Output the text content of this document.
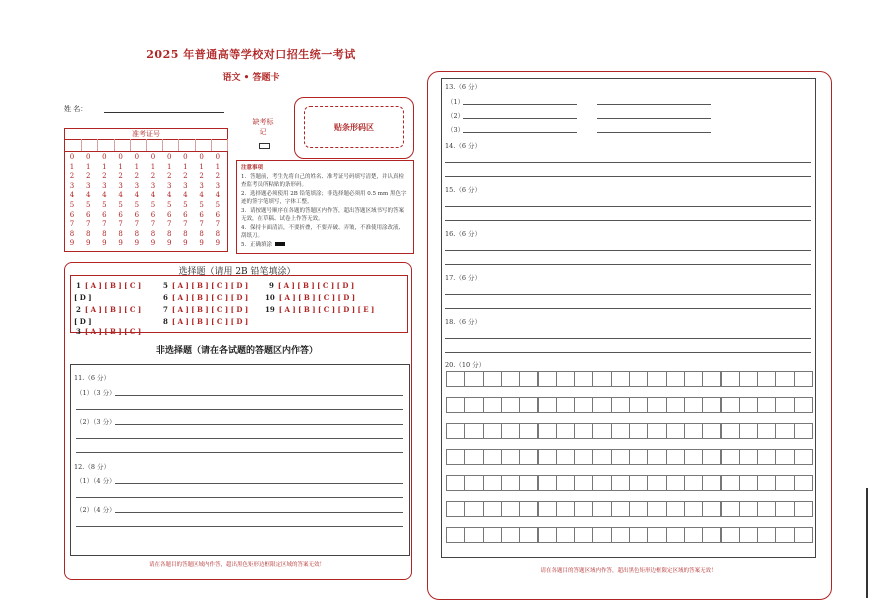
2025 年普通高等学校对口招生统一考试
语文 • 答题卡
姓 名：
准考证号
0
1
2
3
4
5
6
7
8
9
0
1
2
3
4
5
6
7
8
9
0
1
2
3
4
5
6
7
8
9
0
1
2
3
4
5
6
7
8
9
0
1
2
3
4
5
6
7
8
9
0
1
2
3
4
5
6
7
8
9
0
1
2
3
4
5
6
7
8
9
0
1
2
3
4
5
6
7
8
9
0
1
2
3
4
5
6
7
8
9
0
1
2
3
4
5
6
7
8
9
缺考标记
贴条形码区
注意事项
1．答题前，考生先将自己的姓名、准考证号码填写清楚，并认真检查监考员所粘贴的条形码。
2．选择题必须使用 2B 铅笔填涂；非选择题必须用 0.5 mm 黑色字迹的签字笔填写，字体工整。
3．请按题号顺序在各题的答题区内作答，超出答题区域书写的答案无效，在草稿、试卷上作答无效。
4．保持卡面清洁，不要折叠，不要弄破、弄皱，不准使用涂改液、刮纸刀。
5．正确填涂
选择题（请用 2B 铅笔填涂）
1 [ A ] [ B ] [ C ]
[ D ]
2 [ A ] [ B ] [ C ]
[ D ]
3 [ A ] [ B ] [ C ]
5 [ A ] [ B ] [ C ] [ D ]
6 [ A ] [ B ] [ C ] [ D ]
7 [ A ] [ B ] [ C ] [ D ]
8 [ A ] [ B ] [ C ] [ D ]
9 [ A ] [ B ] [ C ] [ D ]
10 [ A ] [ B ] [ C ] [ D ]
19 [ A ] [ B ] [ C ] [ D ] [ E ]
非选择题（请在各试题的答题区内作答）
11.（6 分）
（1）（3 分）
（2）（3 分）
12.（8 分）
（1）（4 分）
（2）（4 分）
请在各题目的答题区域内作答，超出黑色矩形边框限定区域的答案无效！
13.（6 分）
（1）
（2）
（3）
14.（6 分）
15.（6 分）
16.（6 分）
17.（6 分）
18.（6 分）
20.（10 分）
请在各题目的答题区域内作答，超出黑色矩形边框限定区域的答案无效！
